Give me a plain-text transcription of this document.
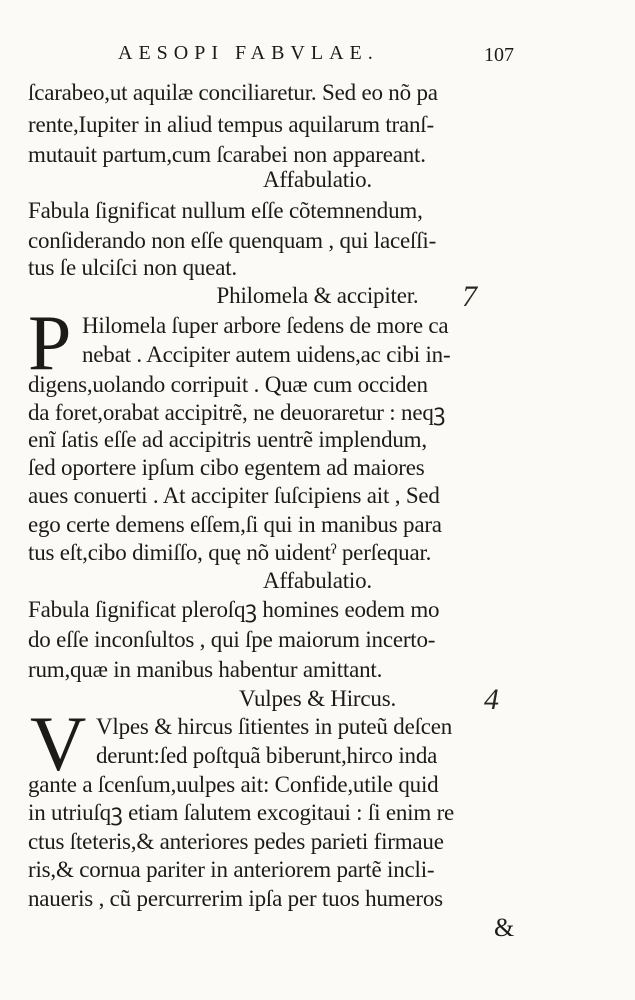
AESOPI FABVLAE.	107
ſcarabeo,ut aquilæ conciliaretur. Sed eo nõ pa
rente,Iupiter in aliud tempus aquilarum tranſ-
mutauit partum,cum ſcarabei non appareant.
Affabulatio.
Fabula ſignificat nullum eſſe cõtemnendum,
conſiderando non eſſe quenquam , qui laceſſi-
tus ſe ulciſci non queat.
Philomela & accipiter.	7
P Hilomela ſuper arbore ſedens de more ca
nebat . Accipiter autem uidens,ac cibi in-
digens,uolando corripuit . Quæ cum occiden
da foret,orabat accipitrẽ, ne deuoraretur : neqꝫ
enĩ ſatis eſſe ad accipitris uentrẽ implendum,
ſed oportere ipſum cibo egentem ad maiores
aues conuerti . At accipiter ſuſcipiens ait , Sed
ego certe demens eſſem,ſi qui in manibus para
tus eſt,cibo dimiſſo, quę nõ uidentˀ perſequar.
Affabulatio.
Fabula ſignificat pleroſqꝫ homines eodem mo
do eſſe inconſultos , qui ſpe maiorum incerto-
rum,quæ in manibus habentur amittant.
Vulpes & Hircus.	4
V Vlpes & hircus ſitientes in puteũ deſcen
derunt:ſed poſtquã biberunt,hirco inda
gante a ſcenſum,uulpes ait: Confide,utile quid
in utriuſqꝫ etiam ſalutem excogitaui : ſi enim re
ctus ſteteris,& anteriores pedes parieti firmaue
ris,& cornua pariter in anteriorem partẽ incli-
naueris , cũ percurrerim ipſa per tuos humeros
&
